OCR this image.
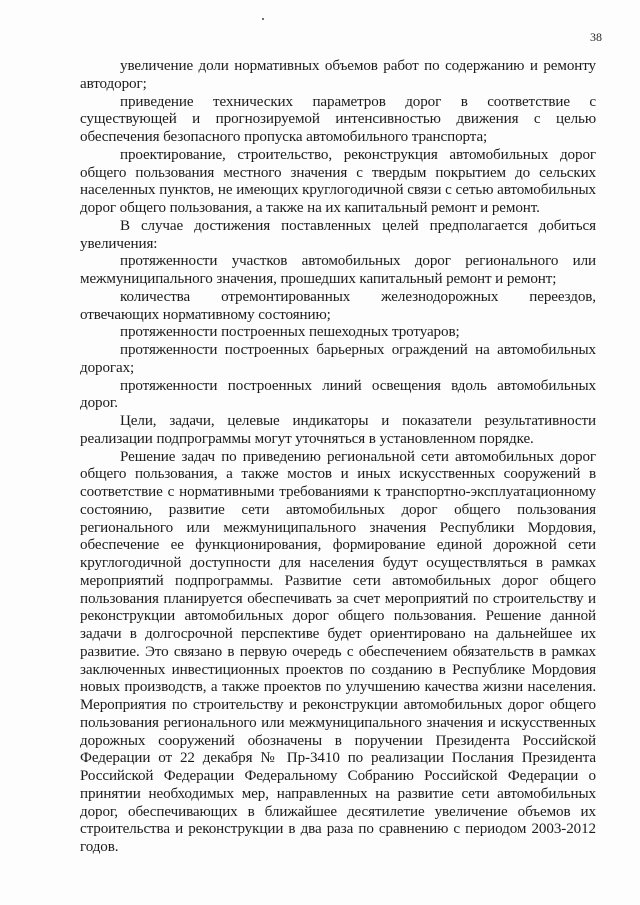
38

увеличение доли нормативных объемов работ по содержанию и ремонту автодорог;

приведение технических параметров дорог в соответствие с существующей и прогнозируемой интенсивностью движения с целью обеспечения безопасного пропуска автомобильного транспорта;

проектирование, строительство, реконструкция автомобильных дорог общего пользования местного значения с твердым покрытием до сельских населенных пунктов, не имеющих круглогодичной связи с сетью автомобильных дорог общего пользования, а также на их капитальный ремонт и ремонт.

В случае достижения поставленных целей предполагается добиться увеличения:

протяженности участков автомобильных дорог регионального или межмуниципального значения, прошедших капитальный ремонт и ремонт;

количества отремонтированных железнодорожных переездов, отвечающих нормативному состоянию;

протяженности построенных пешеходных тротуаров;

протяженности построенных барьерных ограждений на автомобильных дорогах;

протяженности построенных линий освещения вдоль автомобильных дорог.

Цели, задачи, целевые индикаторы и показатели результативности реализации подпрограммы могут уточняться в установленном порядке.

Решение задач по приведению региональной сети автомобильных дорог общего пользования, а также мостов и иных искусственных сооружений в соответствие с нормативными требованиями к транспортно-эксплуатационному состоянию, развитие сети автомобильных дорог общего пользования регионального или межмуниципального значения Республики Мордовия, обеспечение ее функционирования, формирование единой дорожной сети круглогодичной доступности для населения будут осуществляться в рамках мероприятий подпрограммы. Развитие сети автомобильных дорог общего пользования планируется обеспечивать за счет мероприятий по строительству и реконструкции автомобильных дорог общего пользования. Решение данной задачи в долгосрочной перспективе будет ориентировано на дальнейшее их развитие. Это связано в первую очередь с обеспечением обязательств в рамках заключенных инвестиционных проектов по созданию в Республике Мордовия новых производств, а также проектов по улучшению качества жизни населения. Мероприятия по строительству и реконструкции автомобильных дорог общего пользования регионального или межмуниципального значения и искусственных дорожных сооружений обозначены в поручении Президента Российской Федерации от 22 декабря № Пр-3410 по реализации Послания Президента Российской Федерации Федеральному Собранию Российской Федерации о принятии необходимых мер, направленных на развитие сети автомобильных дорог, обеспечивающих в ближайшее десятилетие увеличение объемов их строительства и реконструкции в два раза по сравнению с периодом 2003-2012 годов.
